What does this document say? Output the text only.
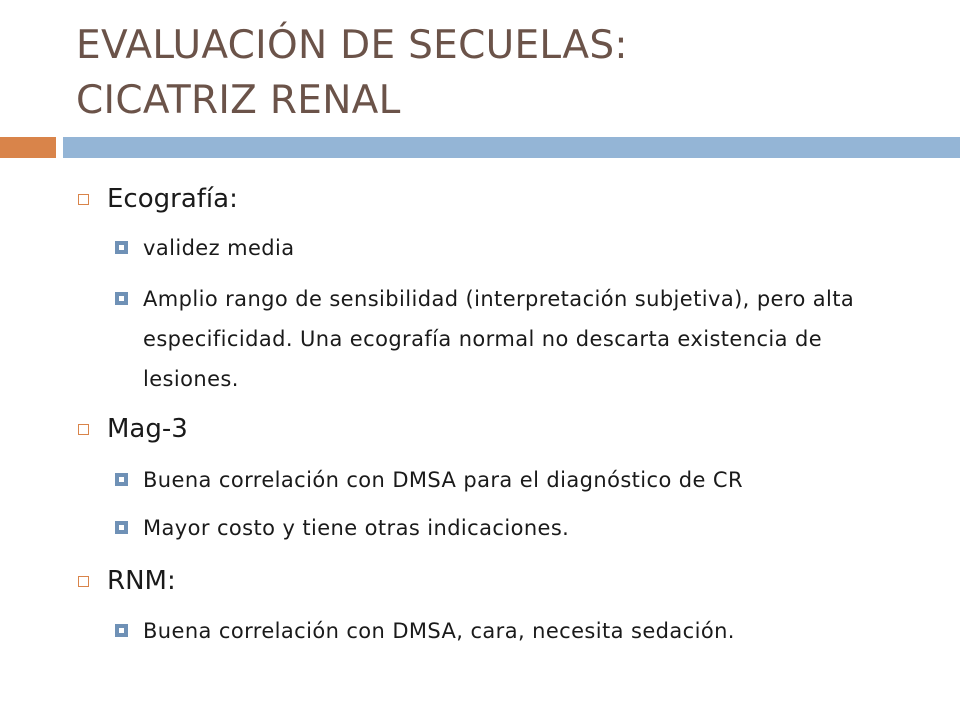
EVALUACIÓN DE SECUELAS:
CICATRIZ RENAL
Ecografía:
validez media
Amplio rango de sensibilidad (interpretación subjetiva), pero alta especificidad. Una ecografía normal no descarta existencia de lesiones.
Mag-3
Buena correlación con DMSA para el diagnóstico de CR
Mayor costo y tiene otras indicaciones.
RNM:
Buena correlación con DMSA, cara, necesita sedación.
